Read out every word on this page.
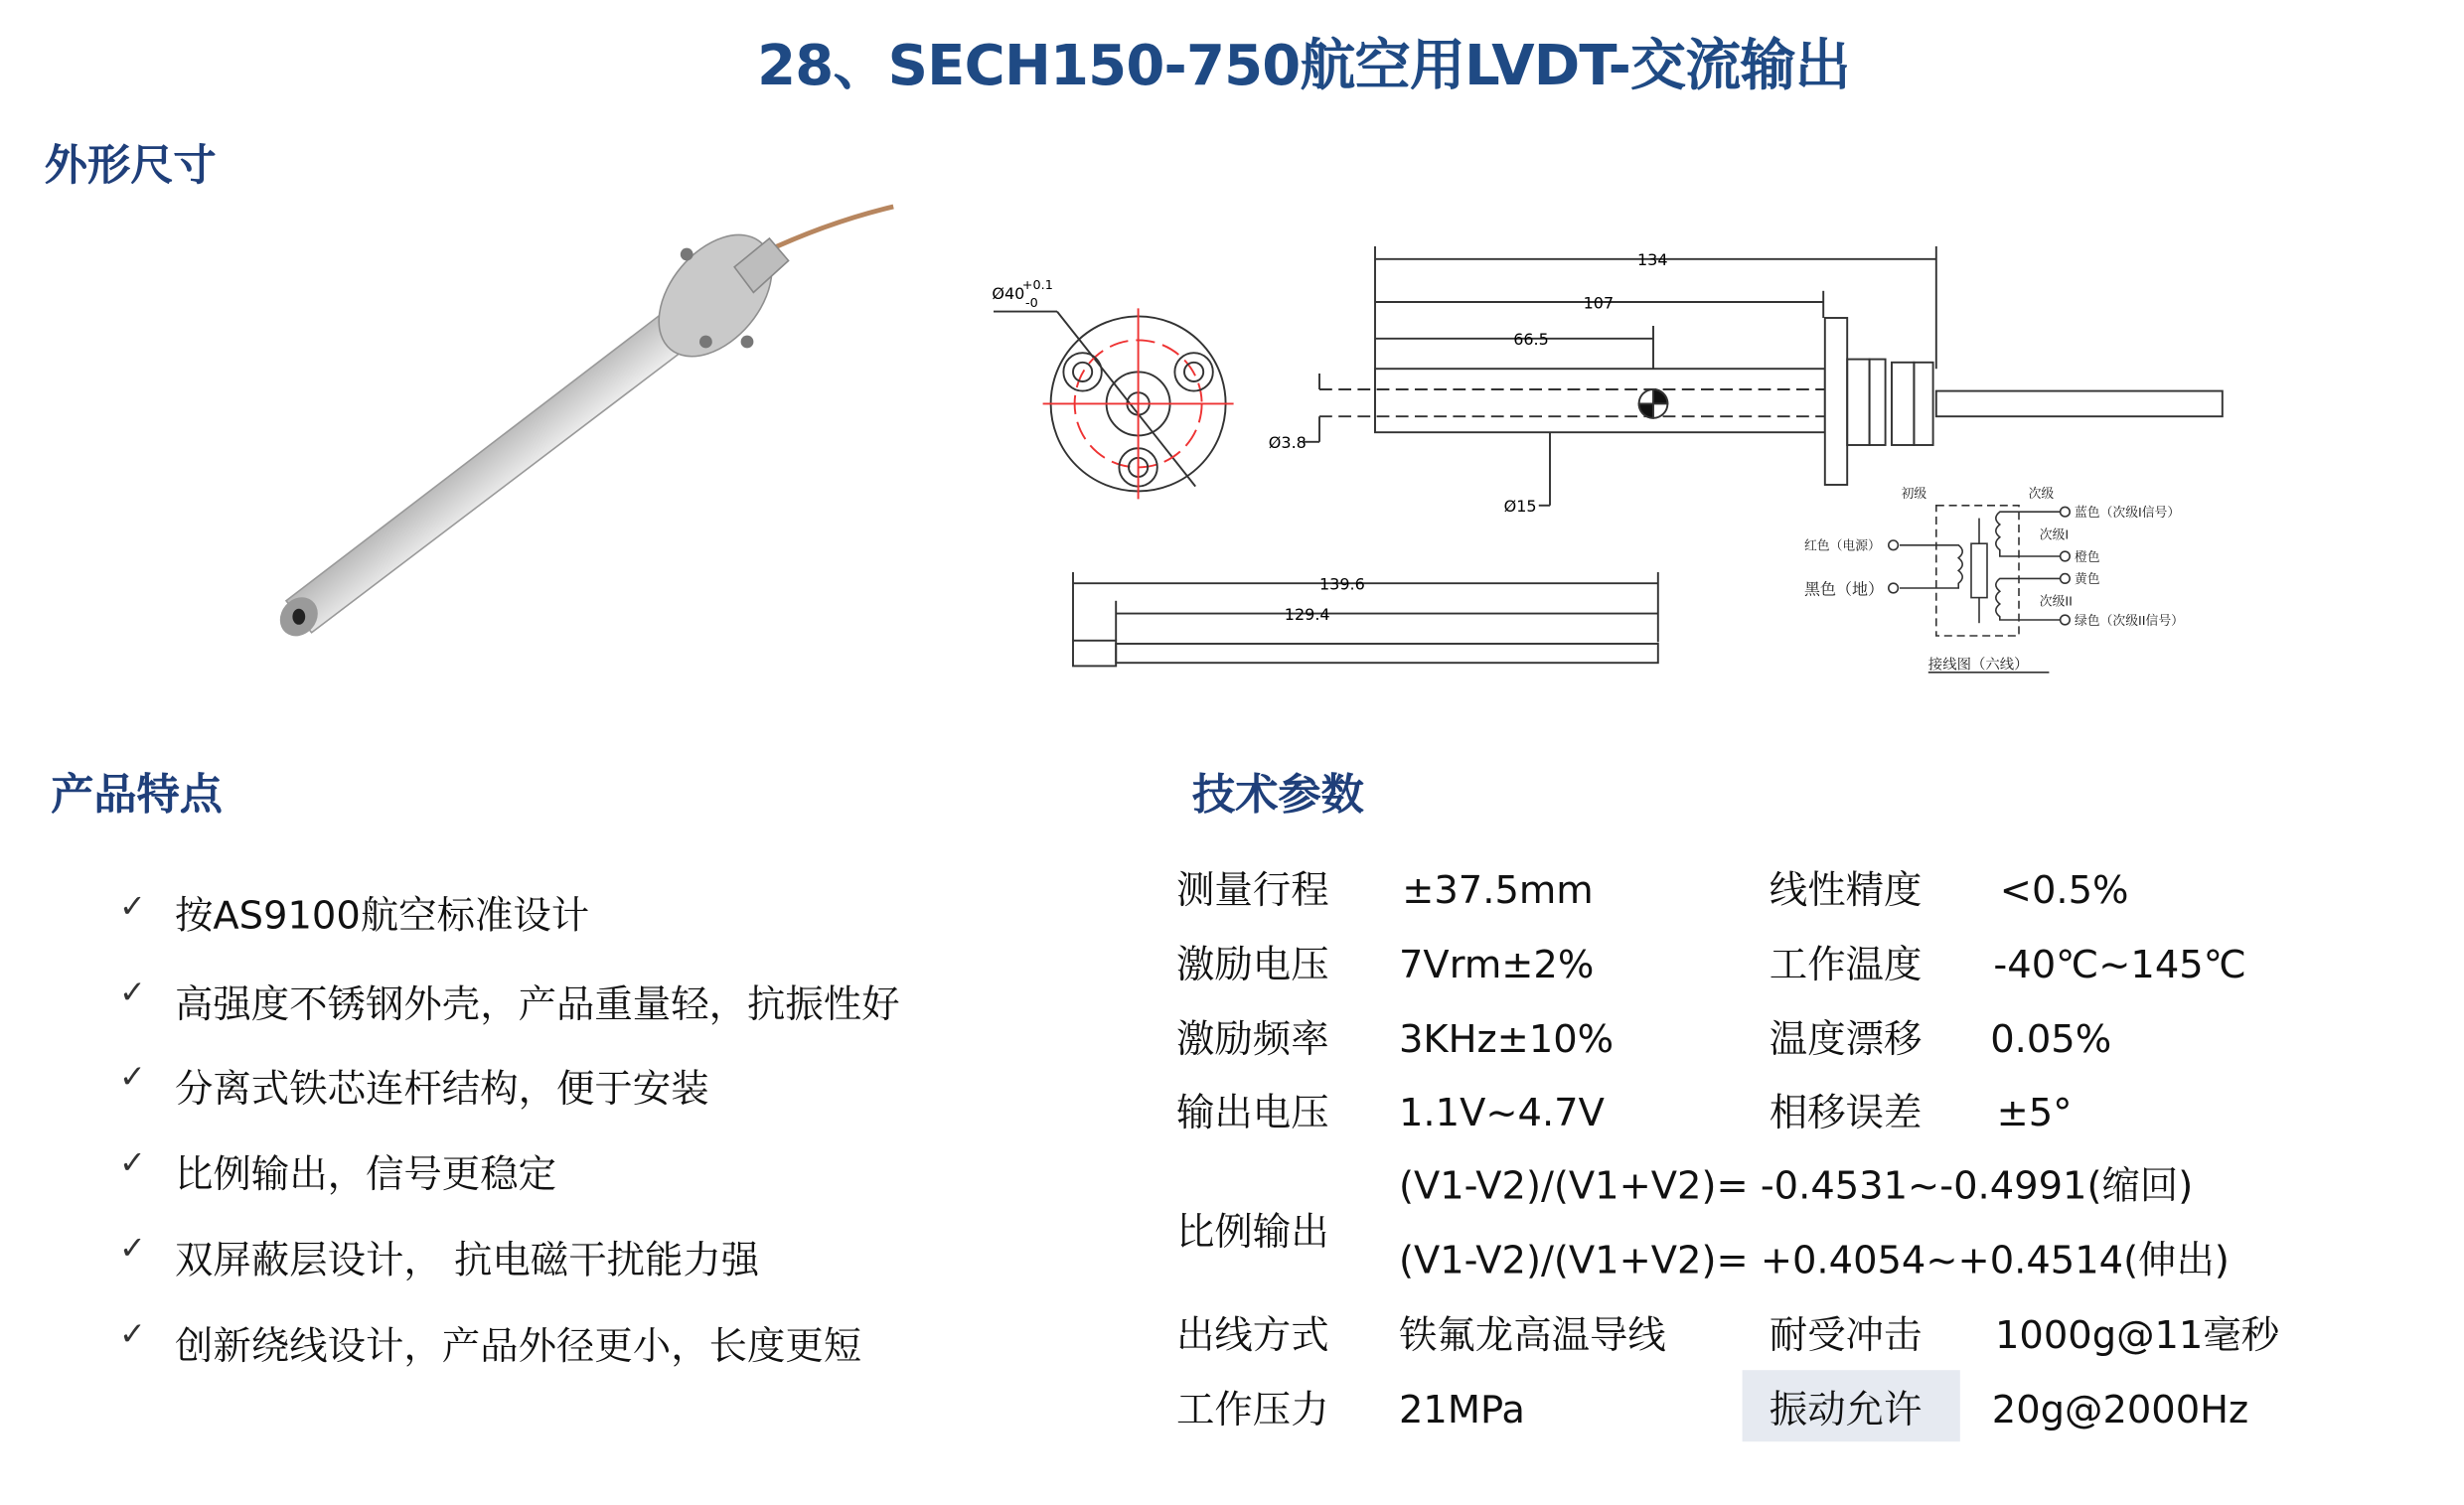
28、SECH150-750航空用LVDT-交流输出
外形尺寸
Ø40
+0.1
-0
134
107
66.5
Ø3.8
Ø15
139.6
129.4
初级	次级
红色（电源）
黑色（地）
蓝色（次级I信号）
次级I
橙色
黄色
次级II
绿色（次级II信号）
接线图（六线）
产品特点
✓ 按AS9100航空标准设计
✓ 高强度不锈钢外壳，产品重量轻，抗振性好
✓ 分离式铁芯连杆结构，便于安装
✓ 比例输出，信号更稳定
✓ 双屏蔽层设计， 抗电磁干扰能力强
✓ 创新绕线设计，产品外径更小，长度更短
技术参数
测量行程	±37.5mm	线性精度	<0.5%
激励电压	7Vrm±2%	工作温度	-40℃~145℃
激励频率	3KHz±10%	温度漂移	0.05%
输出电压	1.1V~4.7V	相移误差	±5°
比例输出
(V1-V2)/(V1+V2)= -0.4531~-0.4991(缩回)
(V1-V2)/(V1+V2)= +0.4054~+0.4514(伸出)
出线方式	铁氟龙高温导线	耐受冲击	1000g@11毫秒
工作压力	21MPa	振动允许	20g@2000Hz
